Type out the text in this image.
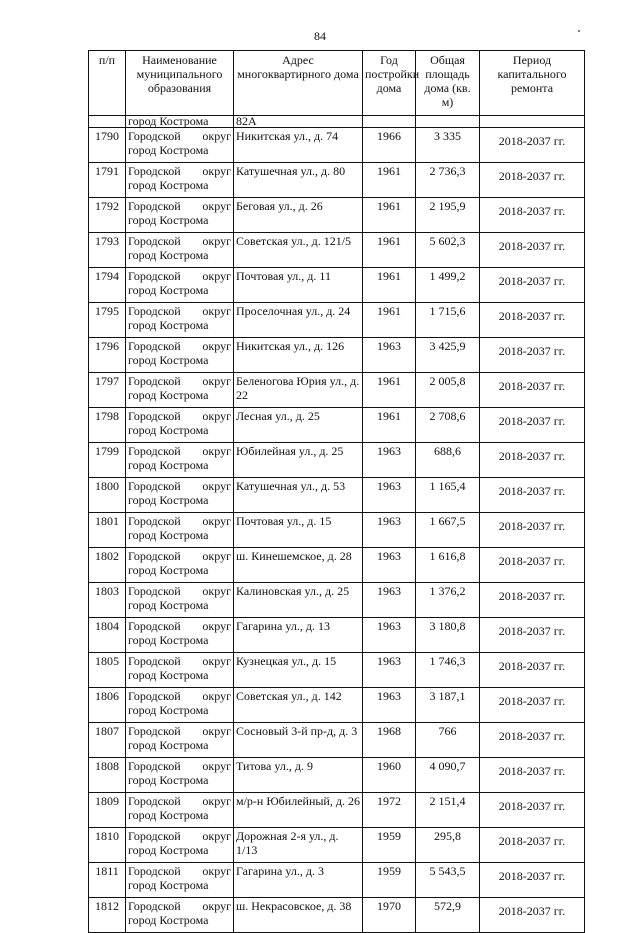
84
п/п	Наименование муниципального образования	Адрес многоквартирного дома	Год постройки дома	Общая площадь дома (кв. м)	Период капитального ремонта
	город Кострома	82А			
1790	Городской округ город Кострома	Никитская ул., д. 74	1966	3 335	2018-2037 гг.
1791	Городской округ город Кострома	Катушечная ул., д. 80	1961	2 736,3	2018-2037 гг.
1792	Городской округ город Кострома	Беговая ул., д. 26	1961	2 195,9	2018-2037 гг.
1793	Городской округ город Кострома	Советская ул., д. 121/5	1961	5 602,3	2018-2037 гг.
1794	Городской округ город Кострома	Почтовая ул., д. 11	1961	1 499,2	2018-2037 гг.
1795	Городской округ город Кострома	Проселочная ул., д. 24	1961	1 715,6	2018-2037 гг.
1796	Городской округ город Кострома	Никитская ул., д. 126	1963	3 425,9	2018-2037 гг.
1797	Городской округ город Кострома	Беленогова Юрия ул., д. 22	1961	2 005,8	2018-2037 гг.
1798	Городской округ город Кострома	Лесная ул., д. 25	1961	2 708,6	2018-2037 гг.
1799	Городской округ город Кострома	Юбилейная ул., д. 25	1963	688,6	2018-2037 гг.
1800	Городской округ город Кострома	Катушечная ул., д. 53	1963	1 165,4	2018-2037 гг.
1801	Городской округ город Кострома	Почтовая ул., д. 15	1963	1 667,5	2018-2037 гг.
1802	Городской округ город Кострома	ш. Кинешемское, д. 28	1963	1 616,8	2018-2037 гг.
1803	Городской округ город Кострома	Калиновская ул., д. 25	1963	1 376,2	2018-2037 гг.
1804	Городской округ город Кострома	Гагарина ул., д. 13	1963	3 180,8	2018-2037 гг.
1805	Городской округ город Кострома	Кузнецкая ул., д. 15	1963	1 746,3	2018-2037 гг.
1806	Городской округ город Кострома	Советская ул., д. 142	1963	3 187,1	2018-2037 гг.
1807	Городской округ город Кострома	Сосновый 3-й пр-д, д. 3	1968	766	2018-2037 гг.
1808	Городской округ город Кострома	Титова ул., д. 9	1960	4 090,7	2018-2037 гг.
1809	Городской округ город Кострома	м/р-н Юбилейный, д. 26	1972	2 151,4	2018-2037 гг.
1810	Городской округ город Кострома	Дорожная 2-я ул., д. 1/13	1959	295,8	2018-2037 гг.
1811	Городской округ город Кострома	Гагарина ул., д. 3	1959	5 543,5	2018-2037 гг.
1812	Городской округ город Кострома	ш. Некрасовское, д. 38	1970	572,9	2018-2037 гг.
